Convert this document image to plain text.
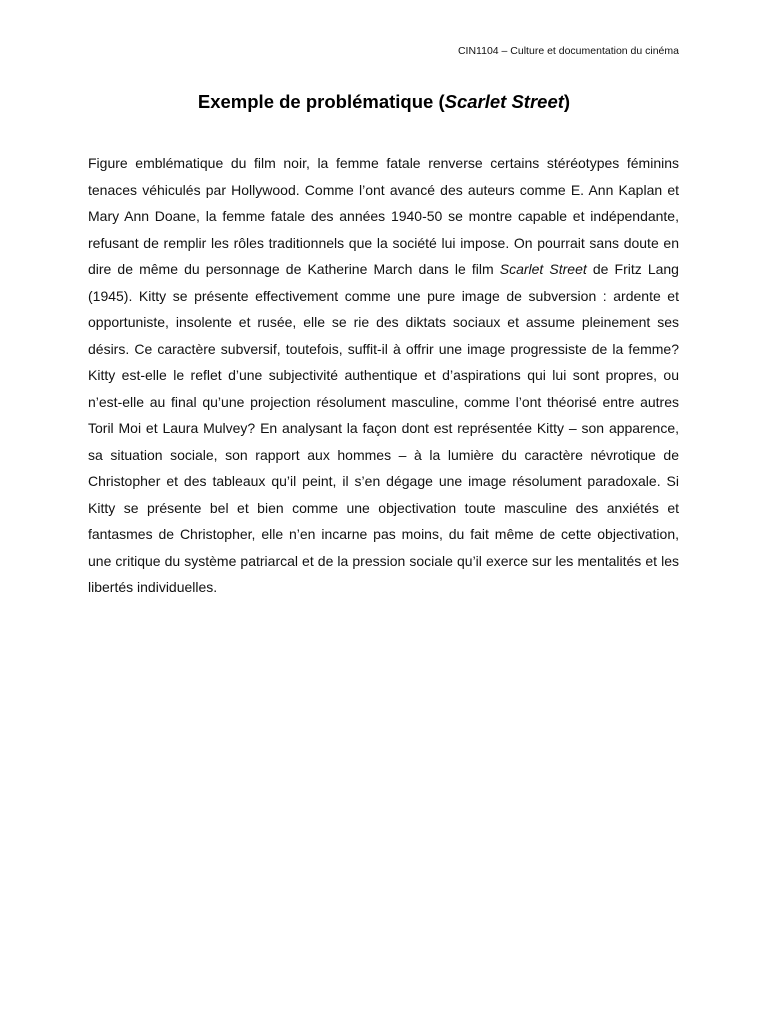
CIN1104 – Culture et documentation du cinéma
Exemple de problématique (Scarlet Street)

Figure emblématique du film noir, la femme fatale renverse certains stéréotypes féminins tenaces véhiculés par Hollywood. Comme l’ont avancé des auteurs comme E. Ann Kaplan et Mary Ann Doane, la femme fatale des années 1940-50 se montre capable et indépendante, refusant de remplir les rôles traditionnels que la société lui impose. On pourrait sans doute en dire de même du personnage de Katherine March dans le film Scarlet Street de Fritz Lang (1945). Kitty se présente effectivement comme une pure image de subversion : ardente et opportuniste, insolente et rusée, elle se rie des diktats sociaux et assume pleinement ses désirs. Ce caractère subversif, toutefois, suffit-il à offrir une image progressiste de la femme? Kitty est-elle le reflet d’une subjectivité authentique et d’aspirations qui lui sont propres, ou n’est-elle au final qu’une projection résolument masculine, comme l’ont théorisé entre autres Toril Moi et Laura Mulvey? En analysant la façon dont est représentée Kitty – son apparence, sa situation sociale, son rapport aux hommes – à la lumière du caractère névrotique de Christopher et des tableaux qu’il peint, il s’en dégage une image résolument paradoxale. Si Kitty se présente bel et bien comme une objectivation toute masculine des anxiétés et fantasmes de Christopher, elle n’en incarne pas moins, du fait même de cette objectivation, une critique du système patriarcal et de la pression sociale qu’il exerce sur les mentalités et les libertés individuelles.
